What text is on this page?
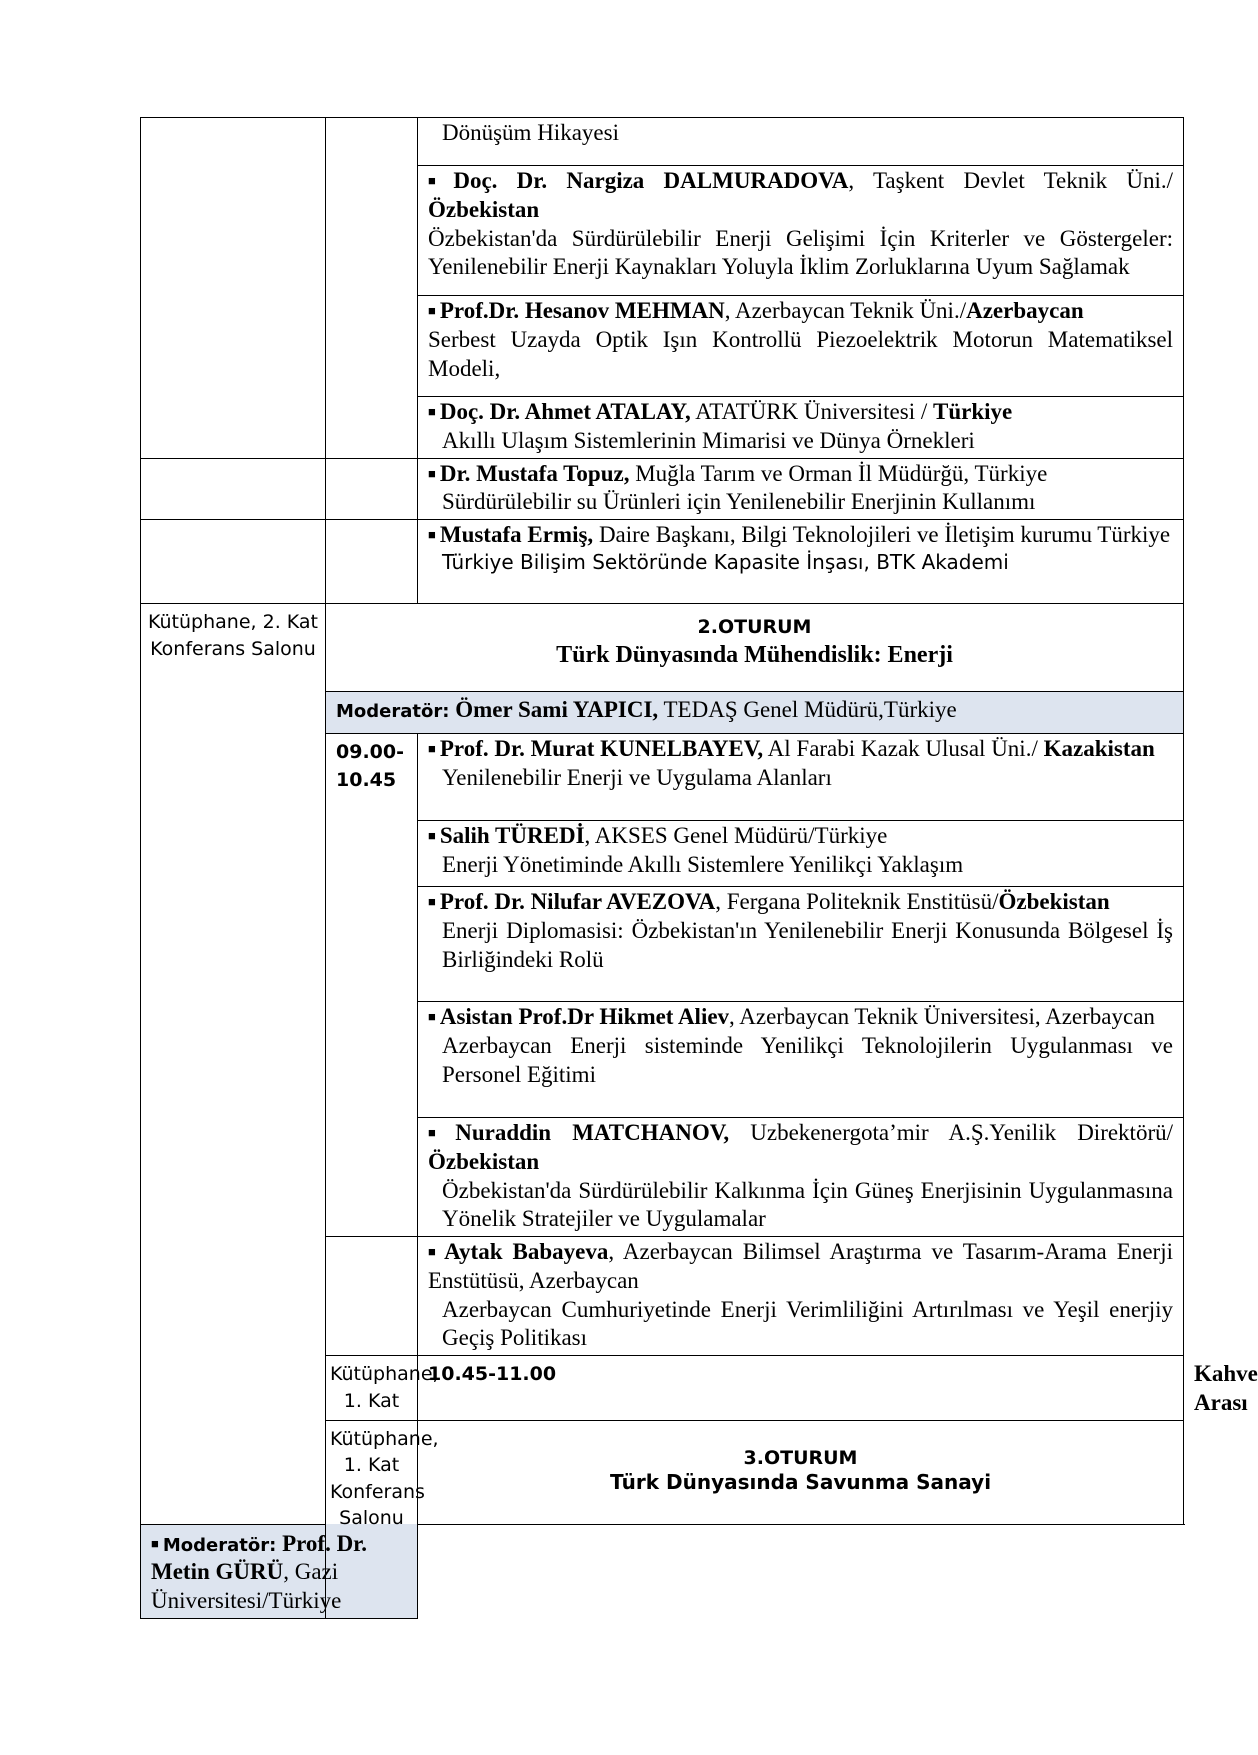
		Dönüşüm Hikayesi	

		■ Doç. Dr. Nargiza DALMURADOVA, Taşkent Devlet Teknik Üni./ Özbekistan
Özbekistan'da Sürdürülebilir Enerji Gelişimi İçin Kriterler ve Göstergeler: Yenilenebilir Enerji Kaynakları Yoluyla İklim Zorluklarına Uyum Sağlamak	

		■ Prof.Dr. Hesanov MEHMAN, Azerbaycan Teknik Üni./Azerbaycan
Serbest Uzayda Optik Işın Kontrollü Piezoelektrik Motorun Matematiksel Modeli,	

		■ Doç. Dr. Ahmet ATALAY, ATATÜRK Üniversitesi / Türkiye
Akıllı Ulaşım Sistemlerinin Mimarisi ve Dünya Örnekleri	

		■ Dr. Mustafa Topuz, Muğla Tarım ve Orman İl Müdürğü, Türkiye
Sürdürülebilir su Ürünleri için Yenilenebilir Enerjinin Kullanımı	

		■ Mustafa Ermiş, Daire Başkanı, Bilgi Teknolojileri ve İletişim kurumu Türkiye
Türkiye Bilişim Sektöründe Kapasite İnşası, BTK Akademi	

Kütüphane, 2. Kat Konferans Salonu	2.OTURUM
Türk Dünyasında Mühendislik: Enerji		

	Moderatör: Ömer Sami YAPICI, TEDAŞ Genel Müdürü,Türkiye		
	09.00-10.45	■ Prof. Dr. Murat KUNELBAYEV, Al Farabi Kazak Ulusal Üni./ Kazakistan
Yenilenebilir Enerji ve Uygulama Alanları	

		■ Salih TÜREDİ, AKSES Genel Müdürü/Türkiye
Enerji Yönetiminde Akıllı Sistemlere Yenilikçi Yaklaşım	

		■ Prof. Dr. Nilufar AVEZOVA, Fergana Politeknik Enstitüsü/Özbekistan
Enerji Diplomasisi: Özbekistan'ın Yenilenebilir Enerji Konusunda Bölgesel İş Birliğindeki Rolü	

		■ Asistan Prof.Dr Hikmet Aliev, Azerbaycan Teknik Üniversitesi, Azerbaycan
Azerbaycan Enerji sisteminde Yenilikçi Teknolojilerin Uygulanması ve Personel Eğitimi	

		■ Nuraddin MATCHANOV, Uzbekenergota’mir A.Ş.Yenilik Direktörü/Özbekistan
Özbekistan'da Sürdürülebilir Kalkınma İçin Güneş Enerjisinin Uygulanmasına Yönelik Stratejiler ve Uygulamalar	

		■ Aytak Babayeva, Azerbaycan Bilimsel Araştırma ve Tasarım-Arama Enerji Enstütüsü, Azerbaycan
Azerbaycan Cumhuriyetinde Enerji Verimliliğini Artırılması ve Yeşil enerjiy Geçiş Politikası	

	Kütüphane, 1. Kat	10.45-11.00	Kahve Arası
	Kütüphane, 1. Kat Konferans Salonu	3.OTURUM
Türk Dünyasında Savunma Sanayi	

■ Moderatör: Prof. Dr. Metin GÜRÜ, Gazi Üniversitesi/Türkiye			
